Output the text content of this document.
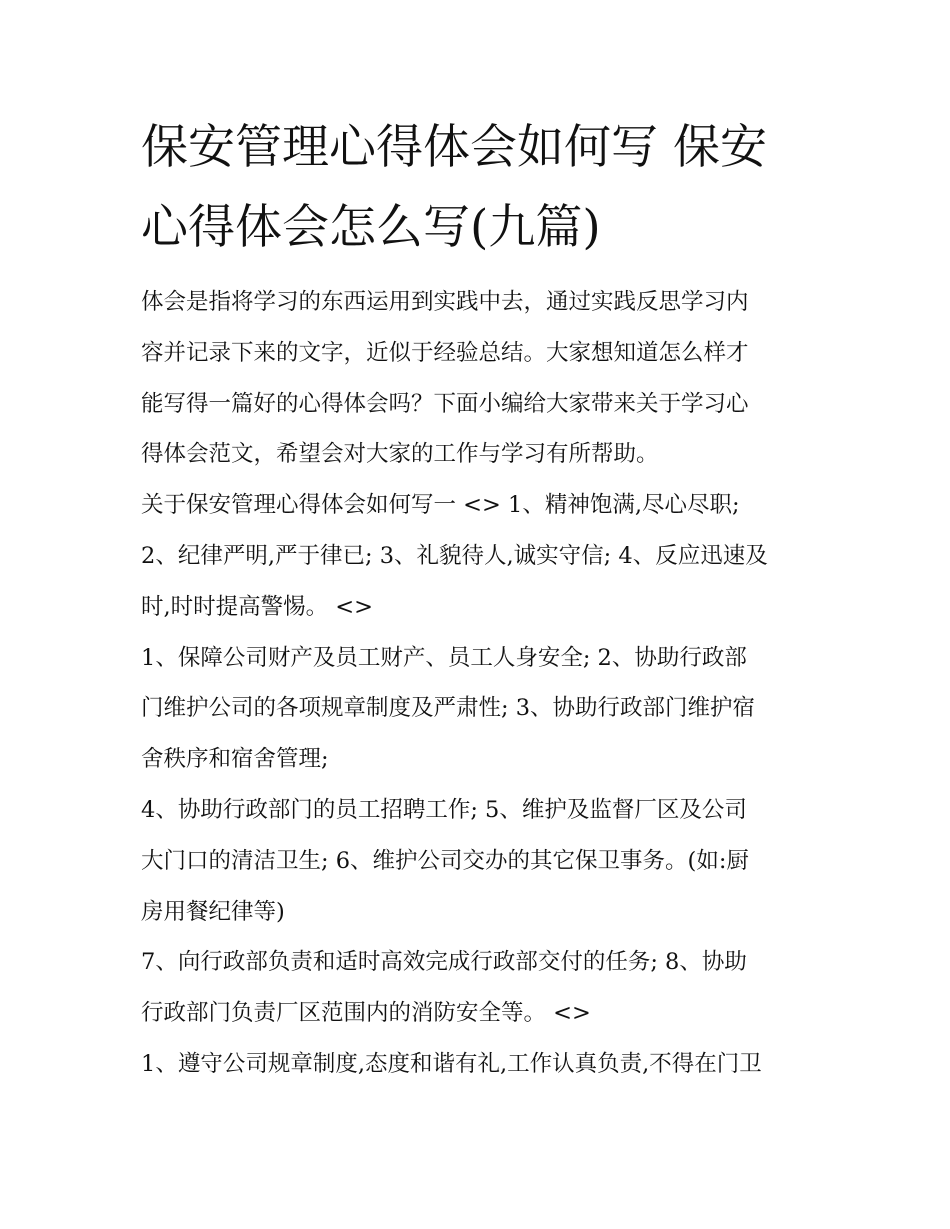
保安管理心得体会如何写 保安
心得体会怎么写(九篇)

体会是指将学习的东西运用到实践中去，通过实践反思学习内
容并记录下来的文字，近似于经验总结。大家想知道怎么样才
能写得一篇好的心得体会吗？下面小编给大家带来关于学习心
得体会范文，希望会对大家的工作与学习有所帮助。

关于保安管理心得体会如何写一 <> 1、精神饱满,尽心尽职;
2、纪律严明,严于律已; 3、礼貌待人,诚实守信; 4、反应迅速及
时,时时提高警惕。 <>

1、保障公司财产及员工财产、员工人身安全; 2、协助行政部
门维护公司的各项规章制度及严肃性; 3、协助行政部门维护宿
舍秩序和宿舍管理;

4、协助行政部门的员工招聘工作; 5、维护及监督厂区及公司
大门口的清洁卫生; 6、维护公司交办的其它保卫事务。(如:厨
房用餐纪律等)

7、向行政部负责和适时高效完成行政部交付的任务; 8、协助
行政部门负责厂区范围内的消防安全等。 <>

1、遵守公司规章制度,态度和谐有礼,工作认真负责,不得在门卫
